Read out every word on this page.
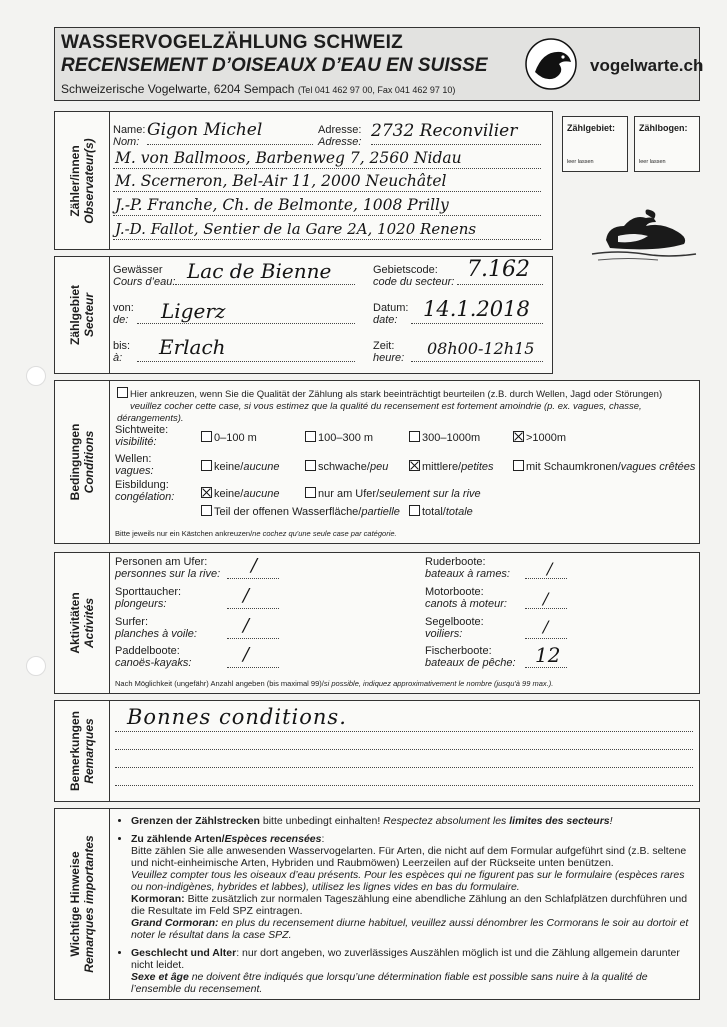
WASSERVOGELZÄHLUNG SCHWEIZ
RECENSEMENT D’OISEAUX D’EAU EN SUISSE
Schweizerische Vogelwarte, 6204 Sempach (Tel 041 462 97 00, Fax 041 462 97 10)
vogelwarte.ch
Zähler/innen Observateur(s)
Name:
Nom:
Gigon Michel	Adresse:
Adresse:
2732 Reconvilier
M. von Ballmoos, Barbenweg 7, 2560 Nidau
M. Scerneron, Bel-Air 11, 2000 Neuchâtel
J.-P. Franche, Ch. de Belmonte, 1008 Prilly
J.-D. Fallot, Sentier de la Gare 2A, 1020 Renens
Zählgebiet:
leer lassen
Zählbogen:
leer lassen
Zählgebiet Secteur
Gewässer
Cours d’eau: Lac de Bienne	Gebietscode:
code du secteur: 7.162
von:
de: Ligerz	Datum:
date:	14.1.2018
bis:
à:	Erlach	Zeit:
heure: 08h00-12h15
Bedingungen Conditions
Hier ankreuzen, wenn Sie die Qualität der Zählung als stark beeinträchtigt beurteilen (z.B. durch Wellen, Jagd oder Störungen)
veuillez cocher cette case, si vous estimez que la qualité du recensement est fortement amoindrie (p. ex. vagues, chasse, dérangements).
Sichtweite:
visibilité:	0–100 m	100–300 m	300–1000m	>1000m
Wellen:
vagues:	keine/aucune	schwache/peu	mittlere/petites	mit Schaumkronen/vagues crêtées
Eisbildung:
congélation:	keine/aucune	nur am Ufer/seulement sur la rive
Teil der offenen Wasserfläche/partielle	total/totale
Bitte jeweils nur ein Kästchen ankreuzen/ne cochez qu'une seule case par catégorie.
Aktivitäten Activités
Personen am Ufer:
personnes sur la rive: /
Sporttaucher:
plongeurs:	/
Surfer:
planches à voile:	/
Paddelboote:
canoës-kayaks:	/
Ruderboote:
bateaux à rames: /
Motorboote:
canots à moteur: /
Segelboote:
voiliers:	/
Fischerboote:
bateaux de pêche: 12
Nach Möglichkeit (ungefähr) Anzahl angeben (bis maximal 99)/si possible, indiquez approximativement le nombre (jusqu'à 99 max.).
Bemerkungen Remarques
Bonnes conditions.
Wichtige Hinweise Remarques importantes
• Grenzen der Zählstrecken bitte unbedingt einhalten! Respectez absolument les limites des secteurs!
• Zu zählende Arten/Espèces recensées:
Bitte zählen Sie alle anwesenden Wasservogelarten. Für Arten, die nicht auf dem Formular aufgeführt sind (z.B. seltene und nicht-einheimische Arten, Hybriden und Raubmöwen) Leerzeilen auf der Rückseite unten benützen.
Veuillez compter tous les oiseaux d’eau présents. Pour les espèces qui ne figurent pas sur le formulaire (espèces rares ou non-indigènes, hybrides et labbes), utilisez les lignes vides en bas du formulaire.
Kormoran: Bitte zusätzlich zur normalen Tageszählung eine abendliche Zählung an den Schlafplätzen durchführen und die Resultate im Feld SPZ eintragen.
Grand Cormoran: en plus du recensement diurne habituel, veuillez aussi dénombrer les Cormorans le soir au dortoir et noter le résultat dans la case SPZ.
• Geschlecht und Alter: nur dort angeben, wo zuverlässiges Auszählen möglich ist und die Zählung allgemein darunter nicht leidet.
Sexe et âge ne doivent être indiqués que lorsqu’une détermination fiable est possible sans nuire à la qualité de l’ensemble du recensement.
